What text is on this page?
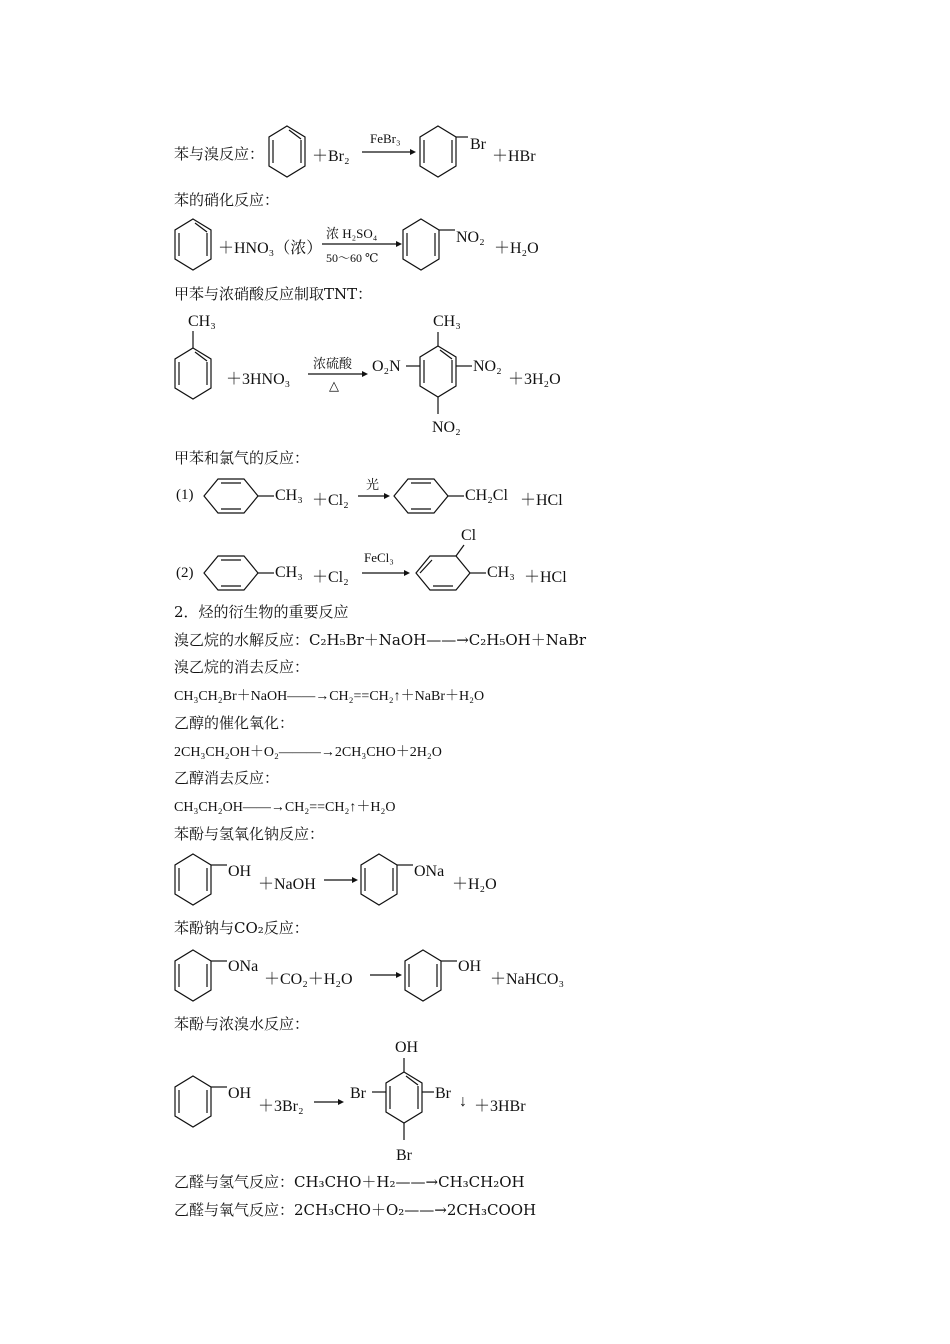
苯与溴反应：	＋Br₂
FeBr₃	Br
＋HBr
苯的硝化反应：
＋HNO₃（浓）
浓 H₂SO₄
50～60 ℃
NO₂
＋H₂O
甲苯与浓硝酸反应制取TNT：
CH₃
＋3HNO₃
浓硫酸
△
CH₃
O₂N	NO₂
NO₂
＋3H₂O
甲苯和氯气的反应：
(1)	CH₃ ＋Cl₂
光
CH₂Cl ＋HCl
(2)	CH₃ ＋Cl₂
FeCl₃
Cl
CH₃ ＋HCl
2．烃的衍生物的重要反应
溴乙烷的水解反应：C₂H₅Br＋NaOH——→C₂H₅OH＋NaBr
溴乙烷的消去反应：
CH₃CH₂Br＋NaOH——→CH₂==CH₂↑＋NaBr＋H₂O
乙醇的催化氧化：
2CH₃CH₂OH＋O₂———→2CH₃CHO＋2H₂O
乙醇消去反应：
CH₃CH₂OH——→CH₂==CH₂↑＋H₂O
苯酚与氢氧化钠反应：
OH
＋NaOH
ONa
＋H₂O
苯酚钠与CO₂反应：
ONa
＋CO₂＋H₂O
OH
＋NaHCO₃
苯酚与浓溴水反应：
OH
＋3Br₂
OH
Br	Br
Br
↓ ＋3HBr
乙醛与氢气反应：CH₃CHO＋H₂——→CH₃CH₂OH
乙醛与氧气反应：2CH₃CHO＋O₂——→2CH₃COOH
